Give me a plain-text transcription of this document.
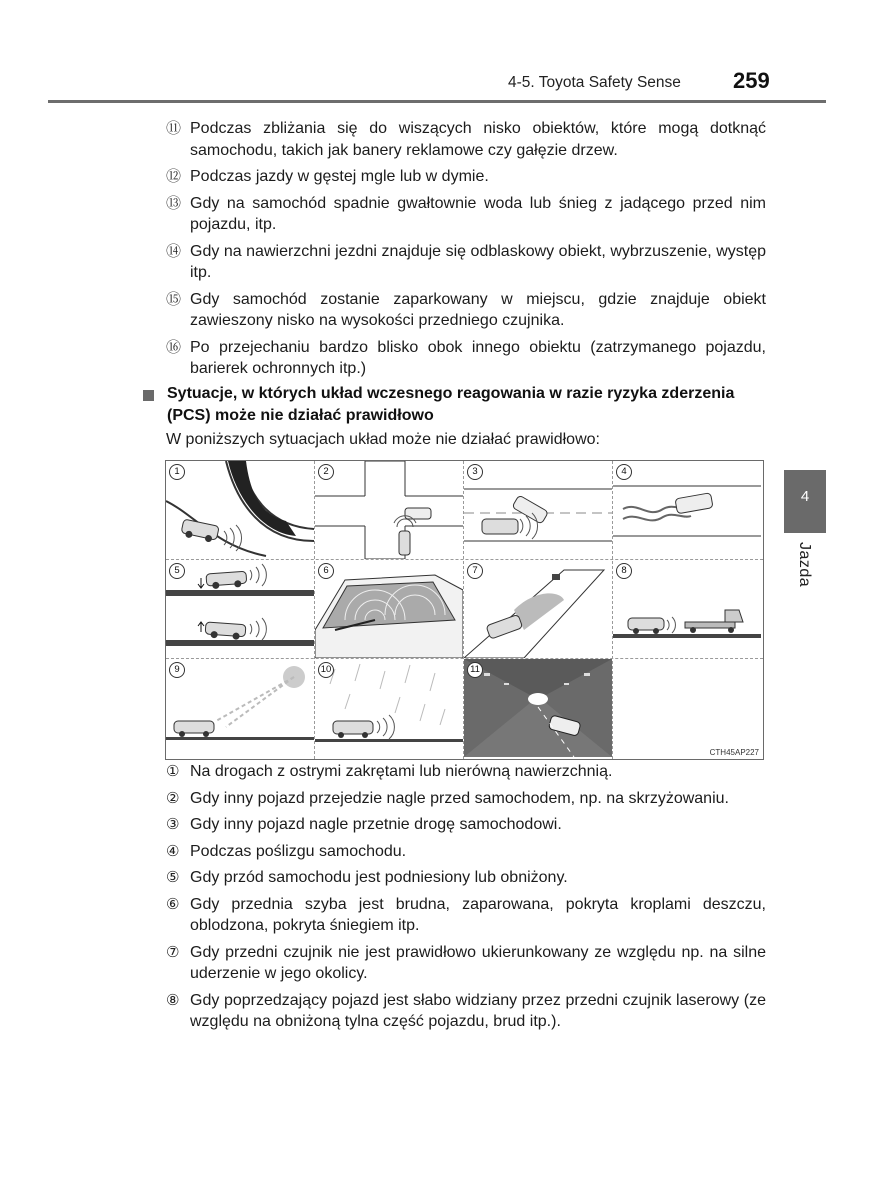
4-5. Toyota Safety Sense 259
⑪ Podczas zbliżania się do wiszących nisko obiektów, które mogą dotknąć samochodu, takich jak banery reklamowe czy gałęzie drzew.
⑫ Podczas jazdy w gęstej mgle lub w dymie.
⑬ Gdy na samochód spadnie gwałtownie woda lub śnieg z jadącego przed nim pojazdu, itp.
⑭ Gdy na nawierzchni jezdni znajduje się odblaskowy obiekt, wybrzuszenie, występ itp.
⑮ Gdy samochód zostanie zaparkowany w miejscu, gdzie znajduje obiekt zawieszony nisko na wysokości przedniego czujnika.
⑯ Po przejechaniu bardzo blisko obok innego obiektu (zatrzymanego pojazdu, barierek ochronnych itp.)
Sytuacje, w których układ wczesnego reagowania w razie ryzyka zderzenia (PCS) może nie działać prawidłowo
W poniższych sytuacjach układ może nie działać prawidłowo:
4
Jazda
1	2	3	4
5	6	7	8
9	10	11
CTH45AP227
① Na drogach z ostrymi zakrętami lub nierówną nawierzchnią.
② Gdy inny pojazd przejedzie nagle przed samochodem, np. na skrzyżowaniu.
③ Gdy inny pojazd nagle przetnie drogę samochodowi.
④ Podczas poślizgu samochodu.
⑤ Gdy przód samochodu jest podniesiony lub obniżony.
⑥ Gdy przednia szyba jest brudna, zaparowana, pokryta kroplami deszczu, oblodzona, pokryta śniegiem itp.
⑦ Gdy przedni czujnik nie jest prawidłowo ukierunkowany ze względu np. na silne uderzenie w jego okolicy.
⑧ Gdy poprzedzający pojazd jest słabo widziany przez przedni czujnik laserowy (ze względu na obniżoną tylna część pojazdu, brud itp.).
